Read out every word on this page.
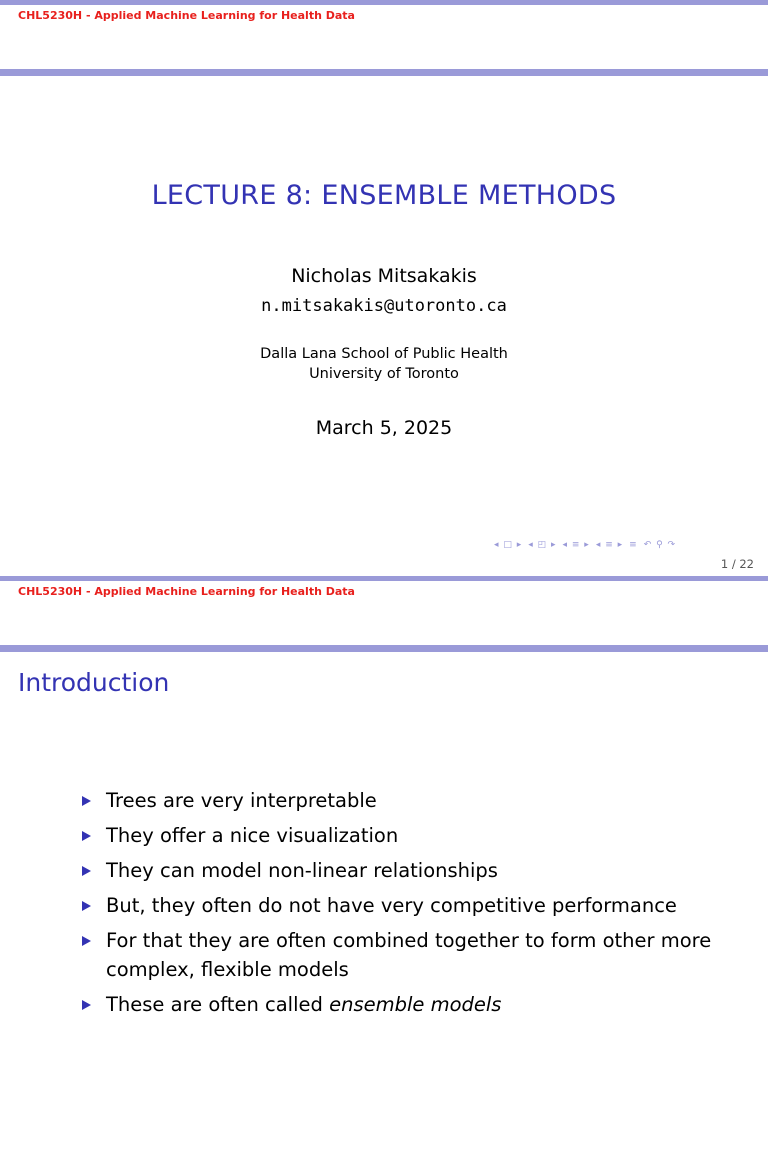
CHL5230H - Applied Machine Learning for Health Data
LECTURE 8: ENSEMBLE METHODS
Nicholas Mitsakakis
n.mitsakakis@utoronto.ca
Dalla Lana School of Public Health
University of Toronto
March 5, 2025
◂ □ ▸ ◂ ◰ ▸ ◂ ≡ ▸ ◂ ≡ ▸ ≡ ↶ ⚲ ↷
1 / 22
CHL5230H - Applied Machine Learning for Health Data
Introduction
Trees are very interpretable
They offer a nice visualization
They can model non-linear relationships
But, they often do not have very competitive performance
For that they are often combined together to form other more complex, flexible models
These are often called ensemble models
